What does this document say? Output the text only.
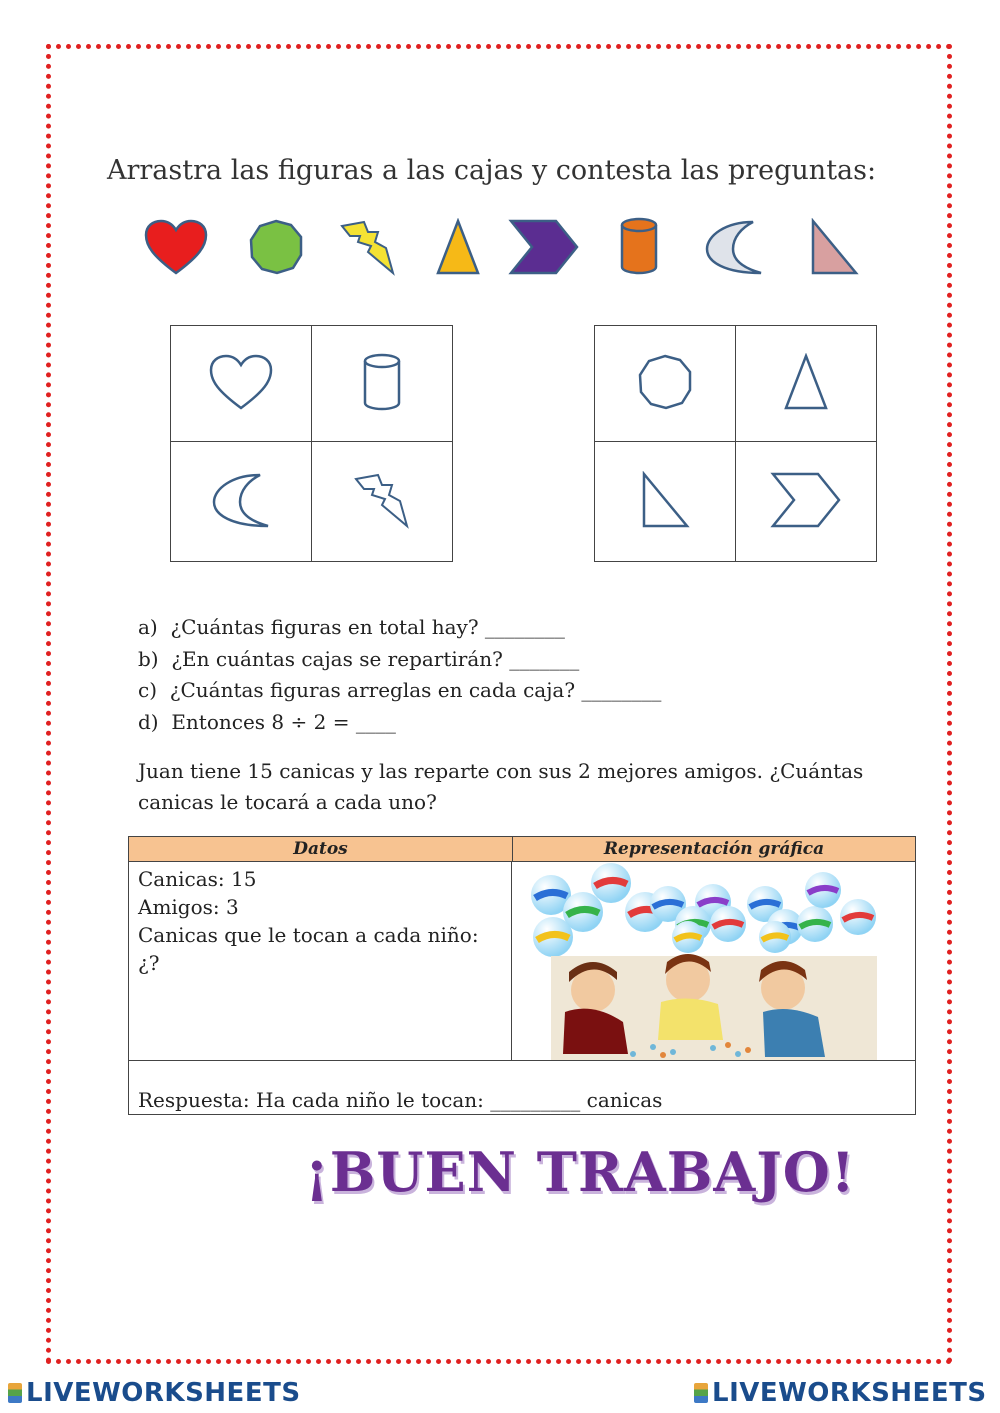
Arrastra las figuras a las cajas y contesta las preguntas:

a) ¿Cuántas figuras en total hay? ________
b) ¿En cuántas cajas se repartirán? _______
c) ¿Cuántas figuras arreglas en cada caja? ________
d) Entonces 8 ÷ 2 = ____
Juan tiene 15 canicas y las reparte con sus 2 mejores amigos. ¿Cuántas canicas le tocará a cada uno?
Datos	Representación gráfica
Canicas: 15
Amigos: 3
Canicas que le tocan a cada niño: ¿?
Respuesta: Ha cada niño le tocan: _________ canicas
¡BUEN TRABAJO!
LIVEWORKSHEETS	LIVEWORKSHEETS
